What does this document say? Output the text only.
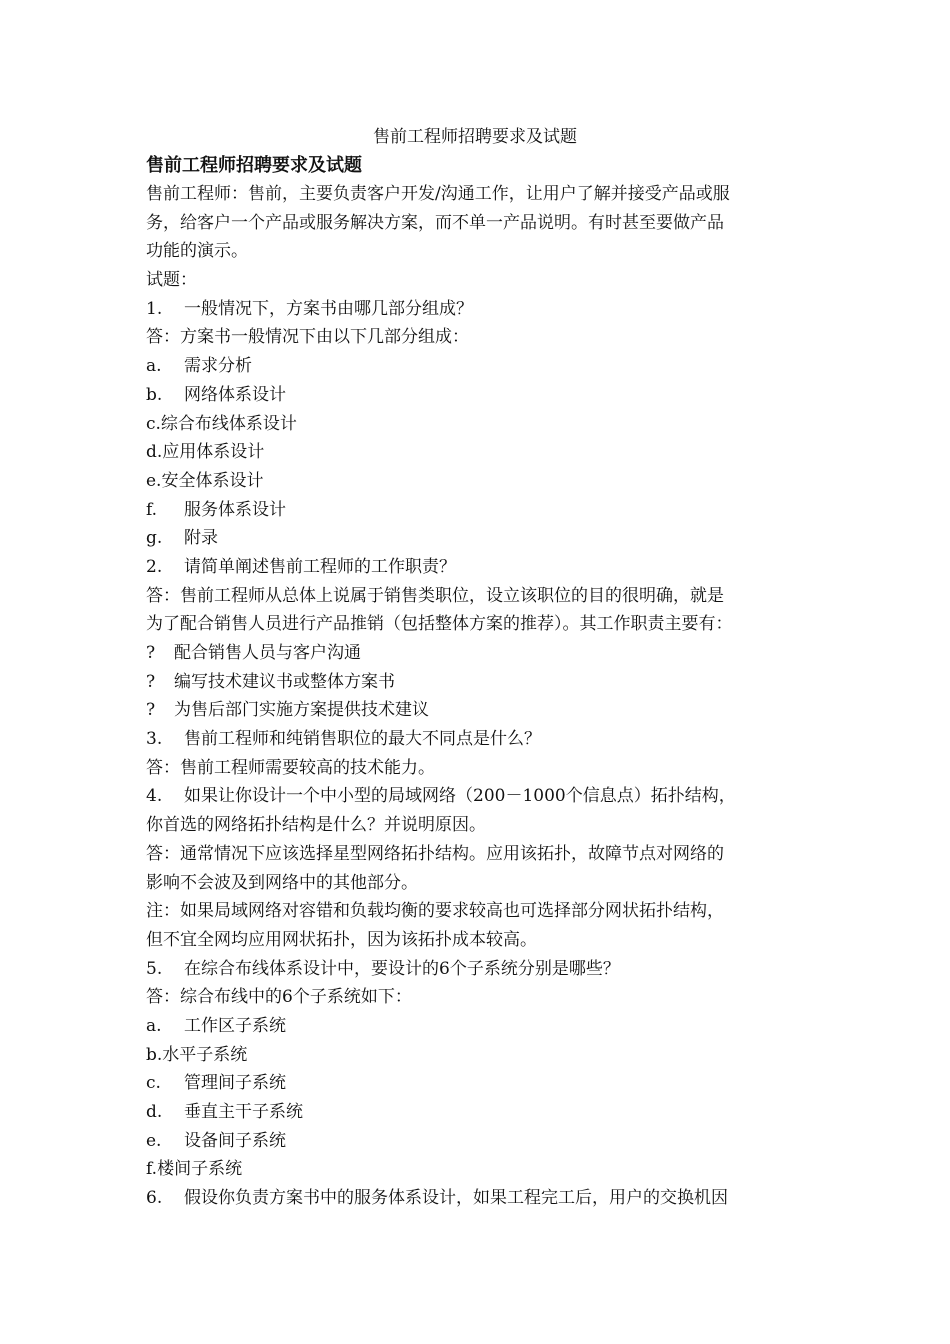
售前工程师招聘要求及试题
售前工程师招聘要求及试题
售前工程师：售前，主要负责客户开发/沟通工作，让用户了解并接受产品或服
务，给客户一个产品或服务解决方案，而不单一产品说明。有时甚至要做产品
功能的演示。
试题：
1. 一般情况下，方案书由哪几部分组成？
答：方案书一般情况下由以下几部分组成：
a. 需求分析
b. 网络体系设计
c.综合布线体系设计
d.应用体系设计
e.安全体系设计
f. 服务体系设计
g. 附录
2. 请简单阐述售前工程师的工作职责？
答：售前工程师从总体上说属于销售类职位，设立该职位的目的很明确，就是
为了配合销售人员进行产品推销（包括整体方案的推荐）。其工作职责主要有：
? 配合销售人员与客户沟通
? 编写技术建议书或整体方案书
? 为售后部门实施方案提供技术建议
3. 售前工程师和纯销售职位的最大不同点是什么？
答：售前工程师需要较高的技术能力。
4. 如果让你设计一个中小型的局域网络（200－1000个信息点）拓扑结构，
你首选的网络拓扑结构是什么？并说明原因。
答：通常情况下应该选择星型网络拓扑结构。应用该拓扑，故障节点对网络的
影响不会波及到网络中的其他部分。
注：如果局域网络对容错和负载均衡的要求较高也可选择部分网状拓扑结构，
但不宜全网均应用网状拓扑，因为该拓扑成本较高。
5. 在综合布线体系设计中，要设计的6个子系统分别是哪些？
答：综合布线中的6个子系统如下：
a. 工作区子系统
b.水平子系统
c. 管理间子系统
d. 垂直主干子系统
e. 设备间子系统
f.楼间子系统
6. 假设你负责方案书中的服务体系设计，如果工程完工后，用户的交换机因
